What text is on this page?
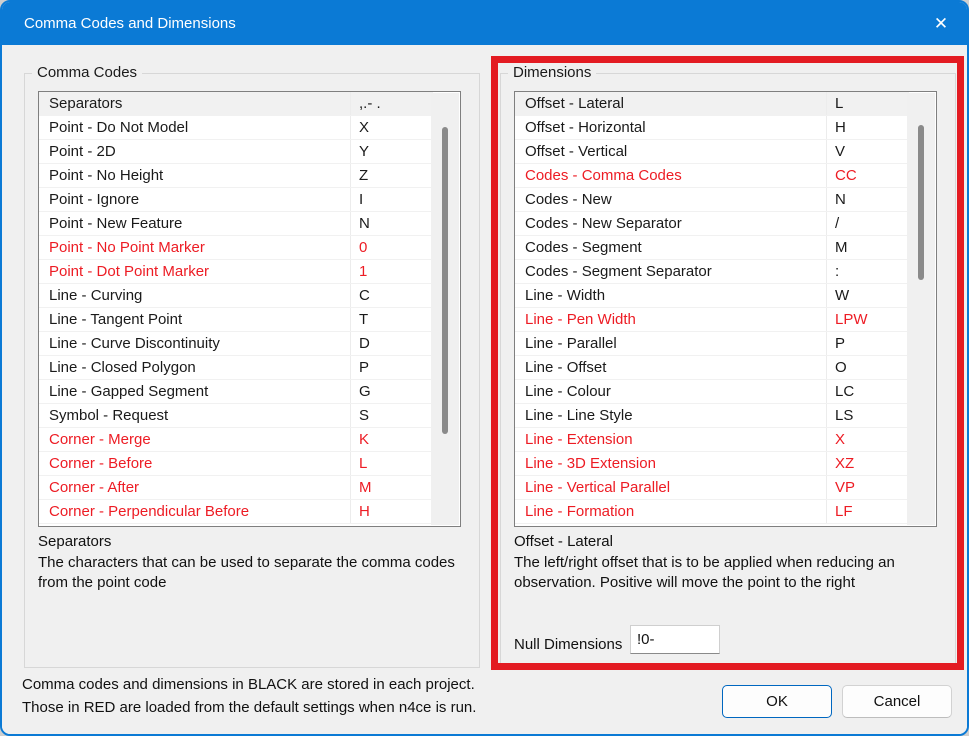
Comma Codes and Dimensions	✕
Comma Codes
Separators	,.- .
Point - Do Not Model	X
Point - 2D	Y
Point - No Height	Z
Point - Ignore	I
Point - New Feature	N
Point - No Point Marker	0
Point - Dot Point Marker	1
Line - Curving	C
Line - Tangent Point	T
Line - Curve Discontinuity	D
Line - Closed Polygon	P
Line - Gapped Segment	G
Symbol - Request	S
Corner - Merge	K
Corner - Before	L
Corner - After	M
Corner - Perpendicular Before	H
Separators
The characters that can be used to separate the comma codes from the point code
Dimensions
Offset - Lateral	L
Offset - Horizontal	H
Offset - Vertical	V
Codes - Comma Codes	CC
Codes - New	N
Codes - New Separator	/
Codes - Segment	M
Codes - Segment Separator	:
Line - Width	W
Line - Pen Width	LPW
Line - Parallel	P
Line - Offset	O
Line - Colour	LC
Line - Line Style	LS
Line - Extension	X
Line - 3D Extension	XZ
Line - Vertical Parallel	VP
Line - Formation	LF
Offset - Lateral
The left/right offset that is to be applied when reducing an observation. Positive will move the point to the right
Null Dimensions
!0-
Comma codes and dimensions in BLACK are stored in each project.
Those in RED are loaded from the default settings when n4ce is run.	OK	Cancel
